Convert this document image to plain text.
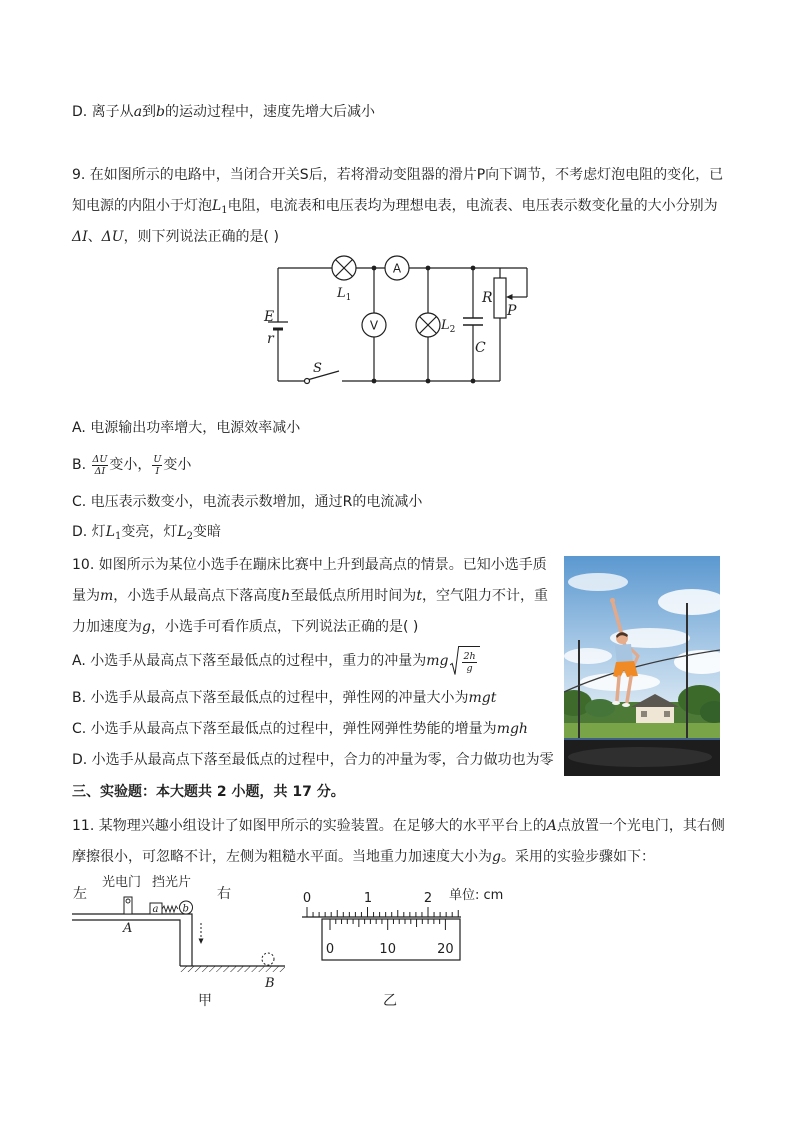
D. 离子从a到b的运动过程中，速度先增大后减小
9. 在如图所示的电路中，当闭合开关S后，若将滑动变阻器的滑片P向下调节，不考虑灯泡电阻的变化，已
知电源的内阻小于灯泡$L_1$电阻，电流表和电压表均为理想电表，电流表、电压表示数变化量的大小分别为
ΔI、ΔU，则下列说法正确的是( )
A
V
E
r
S
$L_1$
$L_2$
R
P
C
A. 电源输出功率增大，电源效率减小
B. $\frac{\Delta U}{\Delta I}$ 变小， $\frac{U}{I}$ 变小
C. 电压表示数变小，电流表示数增加，通过R的电流减小
D. 灯$L_1$变亮，灯$L_2$变暗
10. 如图所示为某位小选手在蹦床比赛中上升到最高点的情景。已知小选手质
量为m，小选手从最高点下落高度h至最低点所用时间为t，空气阻力不计，重
力加速度为g，小选手可看作质点，下列说法正确的是( )
A. 小选手从最高点下落至最低点的过程中，重力的冲量为mg $\frac{2h}{g}$
B. 小选手从最高点下落至最低点的过程中，弹性网的冲量大小为mgt
C. 小选手从最高点下落至最低点的过程中，弹性网弹性势能的增量为mgh
D. 小选手从最高点下落至最低点的过程中，合力的冲量为零，合力做功也为零
三、实验题：本大题共 2 小题，共 17 分。
11. 某物理兴趣小组设计了如图甲所示的实验装置。在足够大的水平平台上的A点放置一个光电门，其右侧
摩擦很小，可忽略不计，左侧为粗糙水平面。当地重力加速度大小为g。采用的实验步骤如下：
左
光电门 挡光片
右
a b
A
B
甲
0	1	2 单位: cm
0	10	20
乙
